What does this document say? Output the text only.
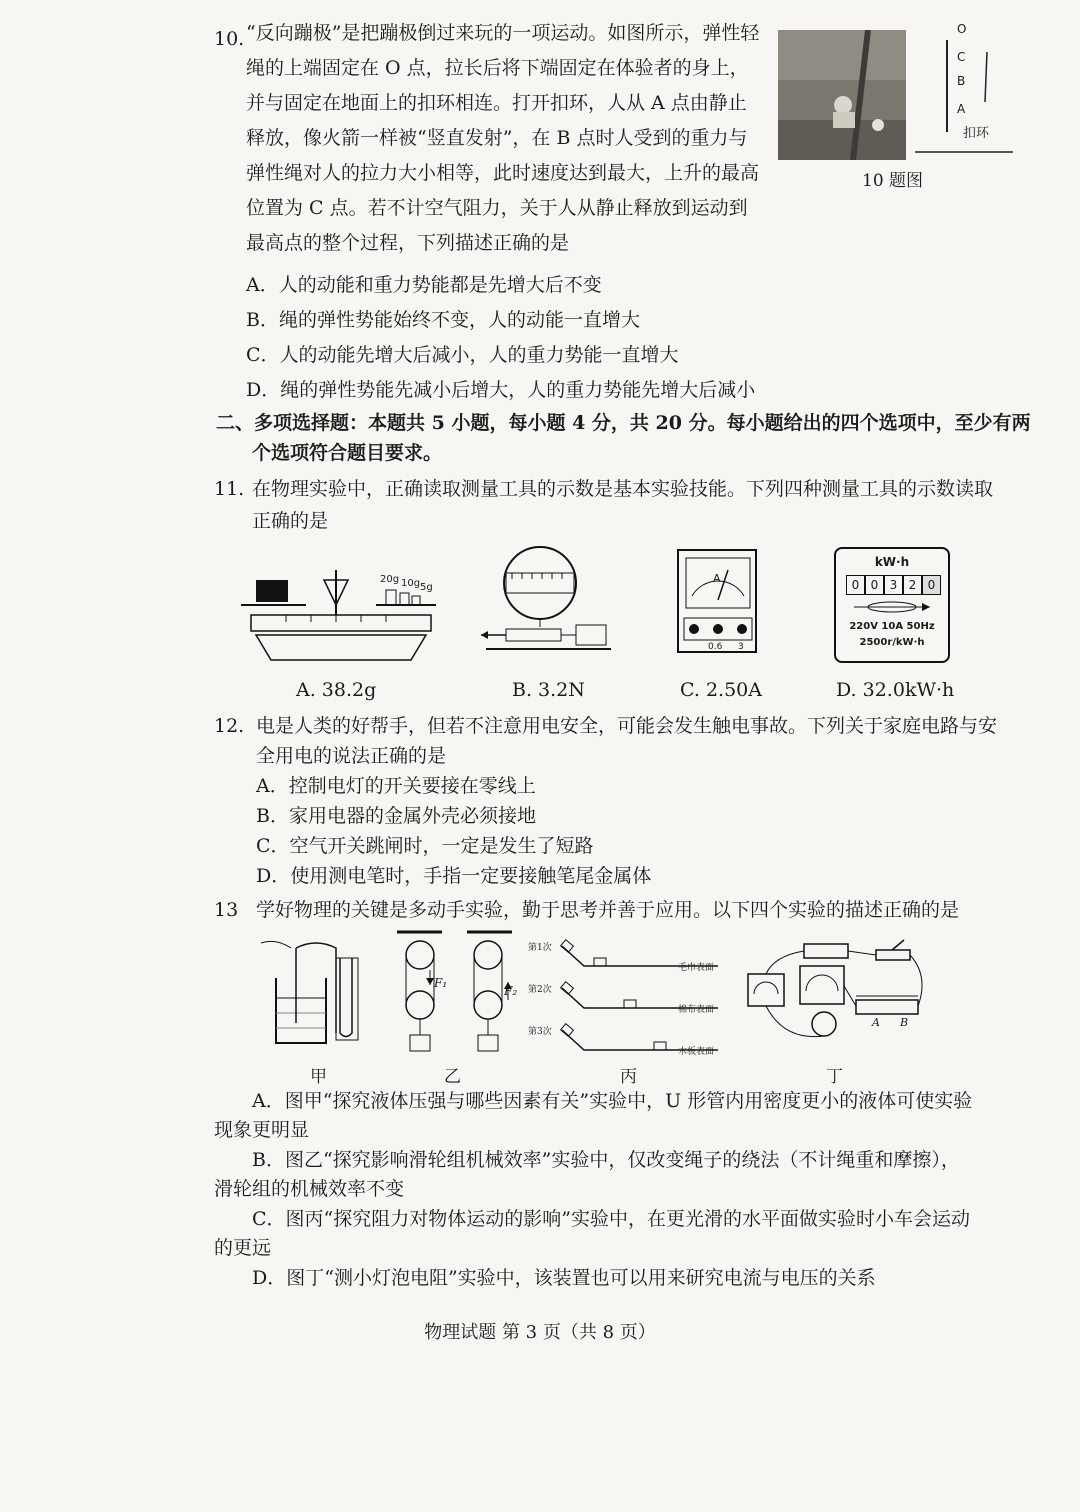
10. “反向蹦极”是把蹦极倒过来玩的一项运动。如图所示，弹性轻绳的上端固定在 O 点，拉长后将下端固定在体验者的身上，并与固定在地面上的扣环相连。打开扣环，人从 A 点由静止释放，像火箭一样被“竖直发射”，在 B 点时人受到的重力与弹性绳对人的拉力大小相等，此时速度达到最大，上升的最高位置为 C 点。若不计空气阻力，关于人从静止释放到运动到最高点的整个过程，下列描述正确的是
O
C
B
A
扣环
10 题图
A．人的动能和重力势能都是先增大后不变
B．绳的弹性势能始终不变，人的动能一直增大
C．人的动能先增大后减小，人的重力势能一直增大
D．绳的弹性势能先减小后增大，人的重力势能先增大后减小
二、多项选择题：本题共 5 小题，每小题 4 分，共 20 分。每小题给出的四个选项中，至少有两
个选项符合题目要求。
11. 在物理实验中，正确读取测量工具的示数是基本实验技能。下列四种测量工具的示数读取
正确的是
20g 10g 5g
A
0.6 3
kW·h
0 0 3 2 0
220V 10A 50Hz
2500r/kW·h
A. 38.2g	B. 3.2N	C. 2.50A	D. 32.0kW·h
12. 电是人类的好帮手，但若不注意用电安全，可能会发生触电事故。下列关于家庭电路与安
全用电的说法正确的是
A．控制电灯的开关要接在零线上
B．家用电器的金属外壳必须接地
C．空气开关跳闸时，一定是发生了短路
D．使用测电笔时，手指一定要接触笔尾金属体
13 学好物理的关键是多动手实验，勤于思考并善于应用。以下四个实验的描述正确的是
甲
F₁
F₂
乙
第1次
第2次
第3次
毛巾表面
棉布表面
木板表面
丙
A B
丁
A．图甲“探究液体压强与哪些因素有关”实验中，U 形管内用密度更小的液体可使实验
现象更明显
B．图乙“探究影响滑轮组机械效率”实验中，仅改变绳子的绕法（不计绳重和摩擦），
滑轮组的机械效率不变
C．图丙“探究阻力对物体运动的影响”实验中，在更光滑的水平面做实验时小车会运动
的更远
D．图丁“测小灯泡电阻”实验中，该装置也可以用来研究电流与电压的关系
物理试题 第 3 页（共 8 页）
